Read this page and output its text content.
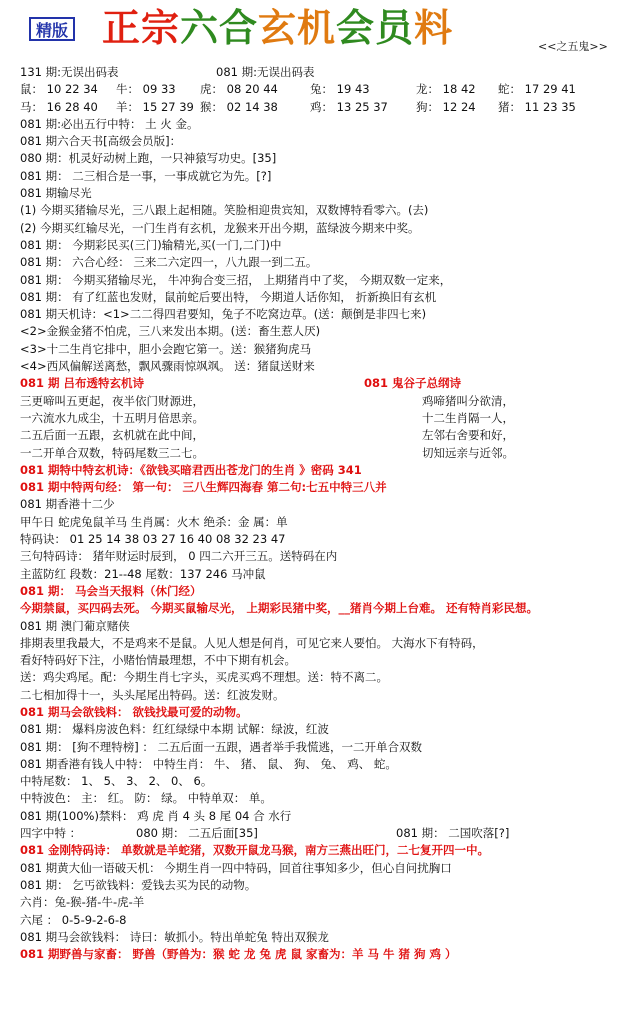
精版 正宗六合玄机会员料	<<之五鬼>>
131 期:无误出码表	081 期:无误出码表
鼠： 10 22 34 牛： 09 33 虎： 08 20 44	兔： 19 43	龙： 18 42 蛇： 17 29 41
马： 16 28 40 羊： 15 27 39 猴： 02 14 38	鸡： 13 25 37 狗： 12 24 猪： 11 23 35
081 期:必出五行中特： 土 火 金。
081 期六合天书[高级会员版]：
080 期：机灵好动树上跑，一只神猿写功史。[35]
081 期： 二三相合是一事，一事成就它为先。[?]
081 期输尽光
(1) 今期买猪输尽光，三八跟上起相随。笑脸相迎贵宾知，双数博特看零六。(去)
(2) 今期买红输尽光，一门生肖有玄机，龙猴来开出今期，蓝绿波今期来中奖。
081 期： 今期彩民买(三门)输精光,买(一门,二门)中
081 期： 六合心经： 三来二六定四一，八九跟一到二五。
081 期： 今期买猪输尽光， 牛冲狗合变三招， 上期猪肖中了奖， 今期双数一定来，
081 期： 有了红蓝也发财，鼠前蛇后要出特， 今期道人话你知， 折新换旧有玄机
081 期天机诗：<1>二二得四君要知，兔子不吃窝边草。(送：颠倒是非四七来)
<2>金猴金猪不怕虎，三八来发出本期。(送：畜生惹人厌)
<3>十二生肖它排中，胆小会跑它第一。送：猴猪狗虎马
<4>西风偏解送离愁，飘风骤雨惊飒飒。 送：猪鼠送财来
081 期 吕布透特玄机诗	081 鬼谷子总纲诗
三更啼叫五更起，夜半依门财源进，	鸡啼猪叫分欲清，
一六流水九成尘，十五明月倍思亲。	十二生肖隔一人，
二五后面一五跟，玄机就在此中间，	左邻右舍要和好，
一二开单合双数，特码尾数三二七。	切知远亲与近邻。
081 期特中特玄机诗：《欲钱买暗君西出苍龙门的生肖 》密码 341
081 期中特两句经： 第一句： 三八生辉四海春 第二句:七五中特三八并
081 期香港十二少
甲午日 蛇虎兔鼠羊马 生肖属：火木 绝杀：金 属：单
特码诀： 01 25 14 38 03 27 16 40 08 32 23 47
三句特码诗： 猪年财运时辰到， 0 四二六开三五。送特码在内
主蓝防红 段数：21--48 尾数：137 246 马冲鼠
081 期： 马会当天报料（休门经）
今期禁鼠，买四码去死。 今期买鼠输尽光， 上期彩民猪中奖，__猪肖今期上台难。 还有特肖彩民想。
081 期 澳门葡京赌侠
排期表里我最大，不是鸡来不是鼠。人见人想是何肖，可见它来人要怕。 大海水下有特码，
看好特码好下注，小赌怡情最理想，不中下期有机会。
送：鸡尖鸡尾。配：今期生肖七字头，买虎买鸡不理想。送：特不离二。
二七相加得十一，头头尾尾出特码。送：红波发财。
081 期马会欲钱料： 欲钱找最可爱的动物。
081 期： 爆料房波色料：红红绿绿中本期 试解：绿波，红波
081 期： [狗不理特榜] ： 二五后面一五跟，遇者举手我慌逃，一二开单合双数
081 期香港有钱人中特： 中特生肖： 牛、 猪、 鼠、 狗、 兔、 鸡、 蛇。
中特尾数： 1、 5、 3、 2、 0、 6。
中特波色： 主： 红。 防： 绿。 中特单双： 单。
081 期(100%)禁料： 鸡 虎 肖 4 头 8 尾 04 合 水行
四字中特 ：	080 期： 二五后面[35]	081 期： 二国吹落[?]
081 金刚特码诗： 单数就是羊蛇猪，双数开鼠龙马猴，南方三燕出旺门，二七复开四一中。
081 期黄大仙一语破天机： 今期生肖一四中特码，回首往事知多少，但心自问扰胸口
081 期： 乞丐欲钱料：爱钱去买为民的动物。
六肖：兔-猴-猪-牛-虎-羊
六尾 ： 0-5-9-2-6-8
081 期马会欲钱料： 诗曰：敏抓小。特出单蛇兔 特出双猴龙
081 期野兽与家畜： 野兽（野兽为：猴 蛇 龙 兔 虎 鼠 家畜为：羊 马 牛 猪 狗 鸡 ）
